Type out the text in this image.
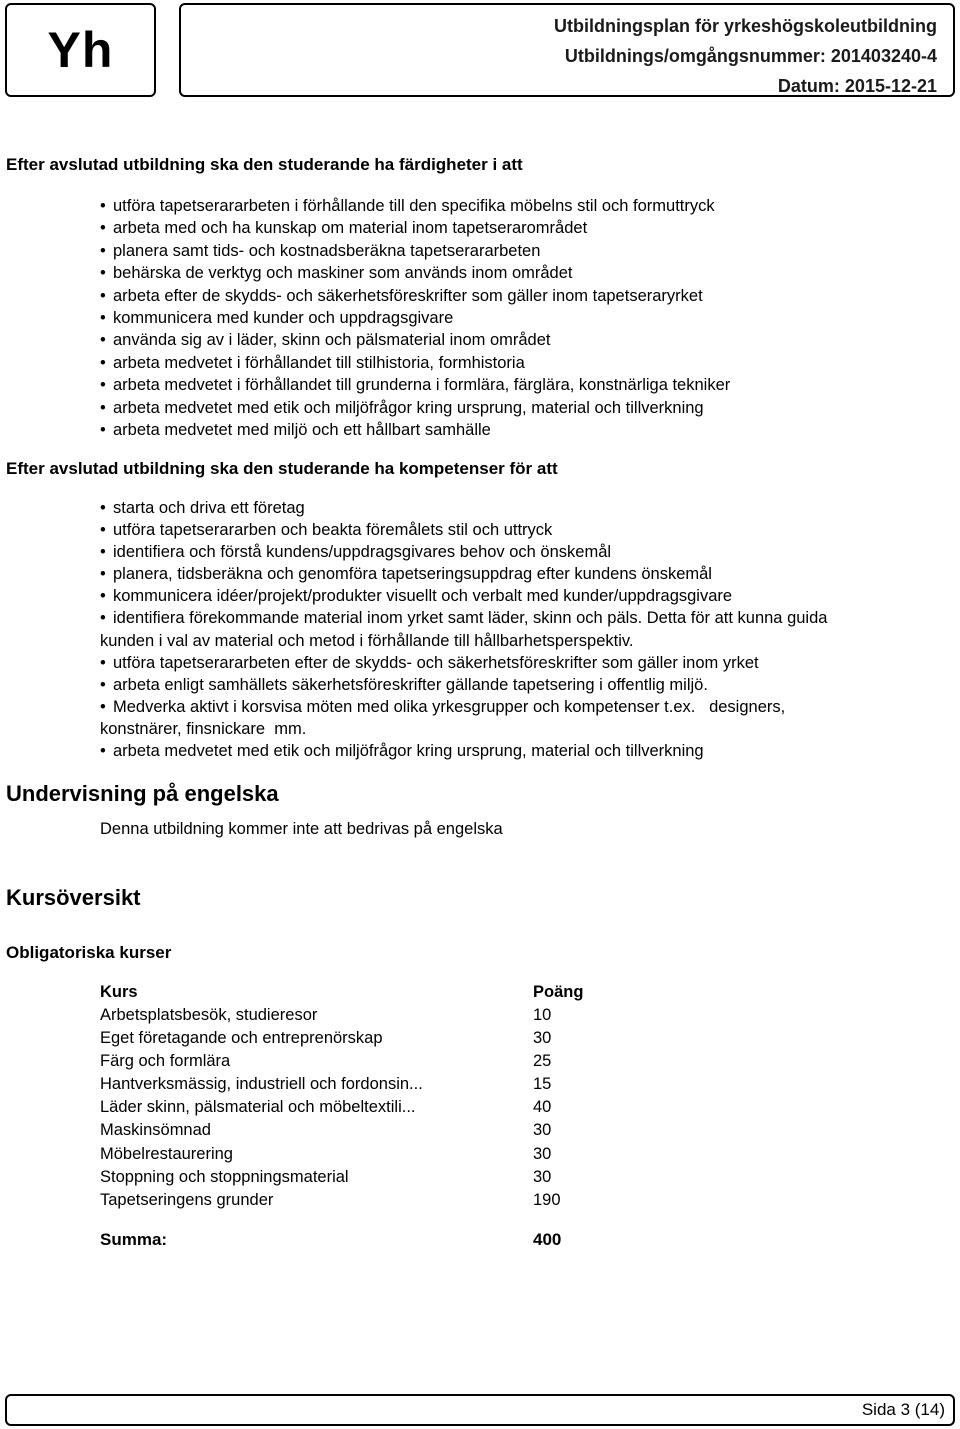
Yh	Utbildningsplan för yrkeshögskoleutbildning
Utbildnings/omgångsnummer: 201403240-4
Datum: 2015-12-21
Efter avslutad utbildning ska den studerande ha färdigheter i att
• utföra tapetserararbeten i förhållande till den specifika möbelns stil och formuttryck
• arbeta med och ha kunskap om material inom tapetserarområdet
• planera samt tids- och kostnadsberäkna tapetserararbeten
• behärska de verktyg och maskiner som används inom området
• arbeta efter de skydds- och säkerhetsföreskrifter som gäller inom tapetseraryrket
• kommunicera med kunder och uppdragsgivare
• använda sig av i läder, skinn och pälsmaterial inom området
• arbeta medvetet i förhållandet till stilhistoria, formhistoria
• arbeta medvetet i förhållandet till grunderna i formlära, färglära, konstnärliga tekniker
• arbeta medvetet med etik och miljöfrågor kring ursprung, material och tillverkning
• arbeta medvetet med miljö och ett hållbart samhälle
Efter avslutad utbildning ska den studerande ha kompetenser för att
• starta och driva ett företag
• utföra tapetserararben och beakta föremålets stil och uttryck
• identifiera och förstå kundens/uppdragsgivares behov och önskemål
• planera, tidsberäkna och genomföra tapetseringsuppdrag efter kundens önskemål
• kommunicera idéer/projekt/produkter visuellt och verbalt med kunder/uppdragsgivare
• identifiera förekommande material inom yrket samt läder, skinn och päls. Detta för att kunna guida
kunden i val av material och metod i förhållande till hållbarhetsperspektiv.
• utföra tapetserararbeten efter de skydds- och säkerhetsföreskrifter som gäller inom yrket
• arbeta enligt samhällets säkerhetsföreskrifter gällande tapetsering i offentlig miljö.
• Medverka aktivt i korsvisa möten med olika yrkesgrupper och kompetenser t.ex.   designers,
konstnärer, finsnickare  mm.
• arbeta medvetet med etik och miljöfrågor kring ursprung, material och tillverkning
Undervisning på engelska
Denna utbildning kommer inte att bedrivas på engelska
Kursöversikt
Obligatoriska kurser
Kurs	Poäng
Arbetsplatsbesök, studieresor	10
Eget företagande och entreprenörskap	30
Färg och formlära	25
Hantverksmässig, industriell och fordonsin...	15
Läder skinn, pälsmaterial och möbeltextili...	40
Maskinsömnad	30
Möbelrestaurering	30
Stoppning och stoppningsmaterial	30
Tapetseringens grunder	190
Summa:	400
Sida 3 (14)
